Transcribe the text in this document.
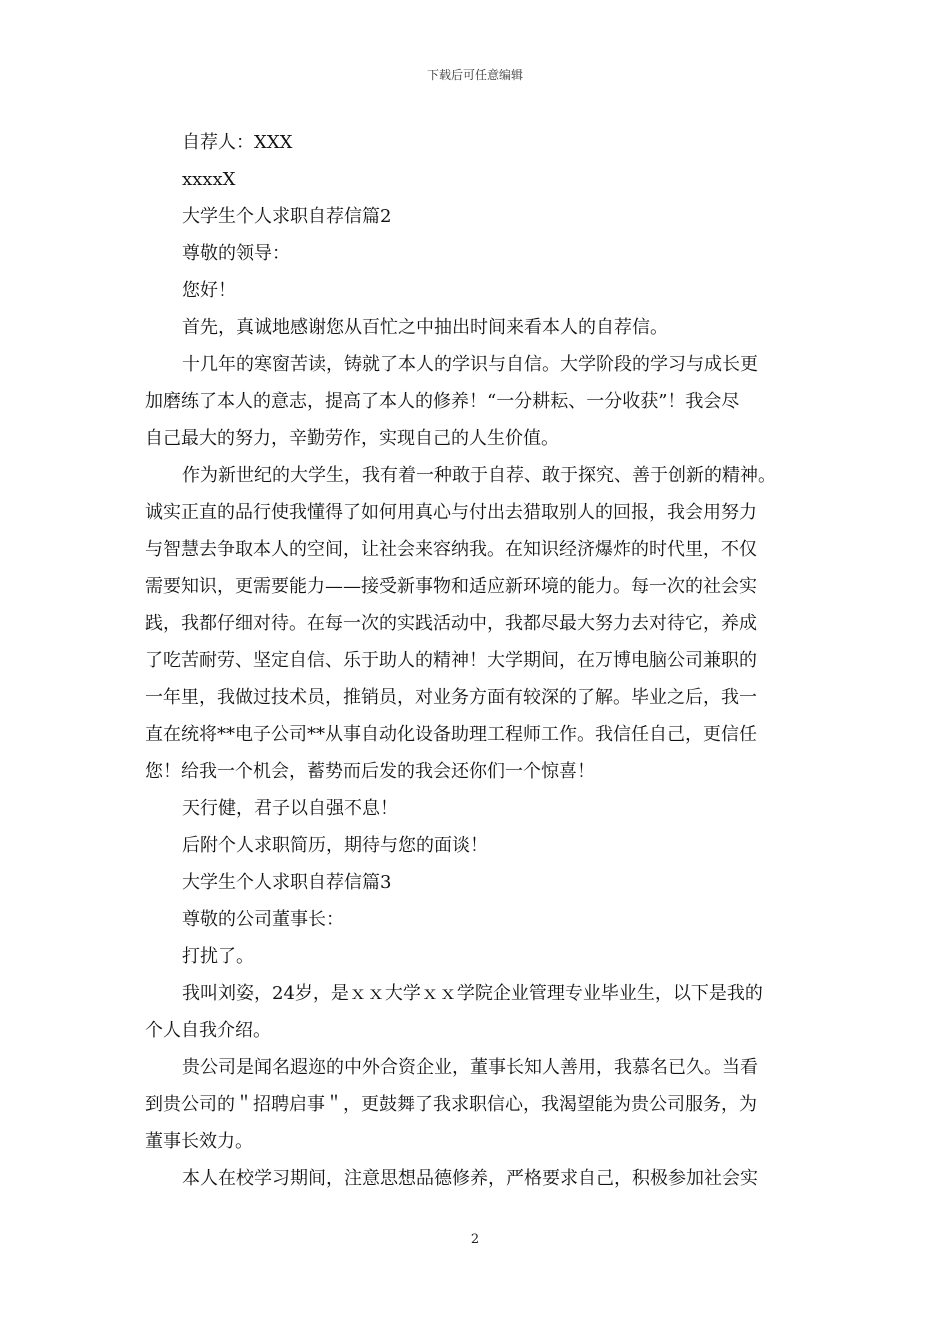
下载后可任意编辑
自荐人：XXX
xxxxX
大学生个人求职自荐信篇2
尊敬的领导：
您好！
首先，真诚地感谢您从百忙之中抽出时间来看本人的自荐信。
十几年的寒窗苦读，铸就了本人的学识与自信。大学阶段的学习与成长更
加磨练了本人的意志，提高了本人的修养！“一分耕耘、一分收获”！我会尽
自己最大的努力，辛勤劳作，实现自己的人生价值。
作为新世纪的大学生，我有着一种敢于自荐、敢于探究、善于创新的精神。
诚实正直的品行使我懂得了如何用真心与付出去猎取别人的回报，我会用努力
与智慧去争取本人的空间，让社会来容纳我。在知识经济爆炸的时代里，不仅
需要知识，更需要能力——接受新事物和适应新环境的能力。每一次的社会实
践，我都仔细对待。在每一次的实践活动中，我都尽最大努力去对待它，养成
了吃苦耐劳、坚定自信、乐于助人的精神！大学期间，在万博电脑公司兼职的
一年里，我做过技术员，推销员，对业务方面有较深的了解。毕业之后，我一
直在统将**电子公司**从事自动化设备助理工程师工作。我信任自己，更信任
您！给我一个机会，蓄势而后发的我会还你们一个惊喜！
天行健，君子以自强不息！
后附个人求职简历，期待与您的面谈！
大学生个人求职自荐信篇3
尊敬的公司董事长：
打扰了。
我叫刘姿，24岁，是ｘｘ大学ｘｘ学院企业管理专业毕业生，以下是我的
个人自我介绍。
贵公司是闻名遐迩的中外合资企业，董事长知人善用，我慕名已久。当看
到贵公司的＂招聘启事＂，更鼓舞了我求职信心，我渴望能为贵公司服务，为
董事长效力。
本人在校学习期间，注意思想品德修养，严格要求自己，积极参加社会实
2
